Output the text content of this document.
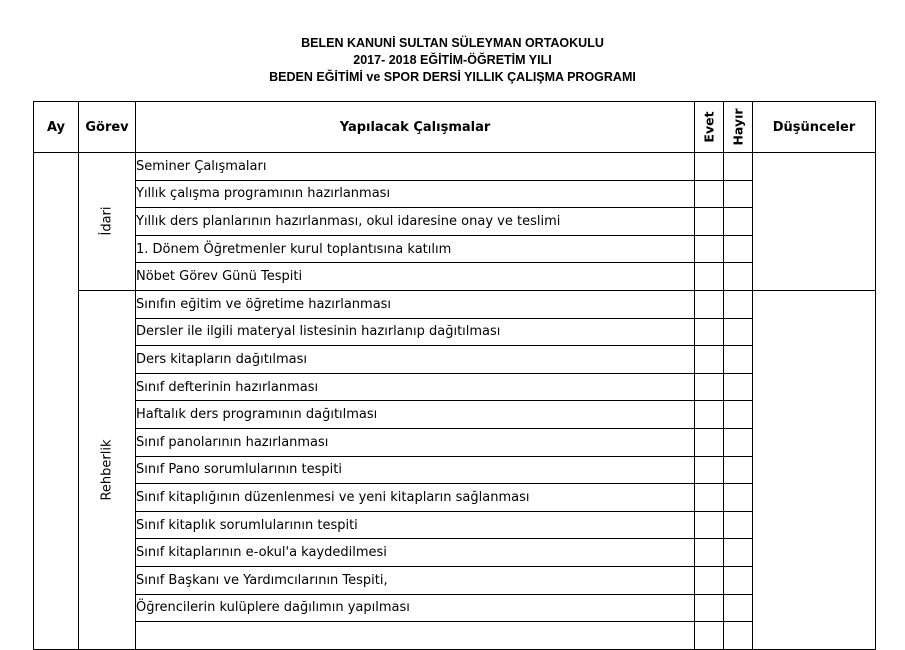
BELEN KANUNİ SULTAN SÜLEYMAN ORTAOKULU
2017- 2018 EĞİTİM-ÖĞRETİM YILI
BEDEN EĞİTİMİ ve SPOR DERSİ YILLIK ÇALIŞMA PROGRAMI
Ay	Görev	Yapılacak Çalışmalar	Evet	Hayır	Düşünceler

	İdari	Seminer Çalışmaları			
		Yıllık çalışma programının hazırlanması			
		Yıllık ders planlarının hazırlanması, okul idaresine onay ve teslimi			
		1. Dönem Öğretmenler kurul toplantısına katılım			
		Nöbet Görev Günü Tespiti			

	Rehberlik	Sınıfın eğitim ve öğretime hazırlanması			
		Dersler ile ilgili materyal listesinin hazırlanıp dağıtılması			
		Ders kitapların dağıtılması			
		Sınıf defterinin hazırlanması			
		Haftalık ders programının dağıtılması			
		Sınıf panolarının hazırlanması			
		Sınıf Pano sorumlularının tespiti			
		Sınıf kitaplığının düzenlenmesi ve yeni kitapların sağlanması			
		Sınıf kitaplık sorumlularının tespiti			
		Sınıf kitaplarının e-okul'a kaydedilmesi			
		Sınıf Başkanı ve Yardımcılarının Tespiti,			
		Öğrencilerin kulüplere dağılımın yapılması			
